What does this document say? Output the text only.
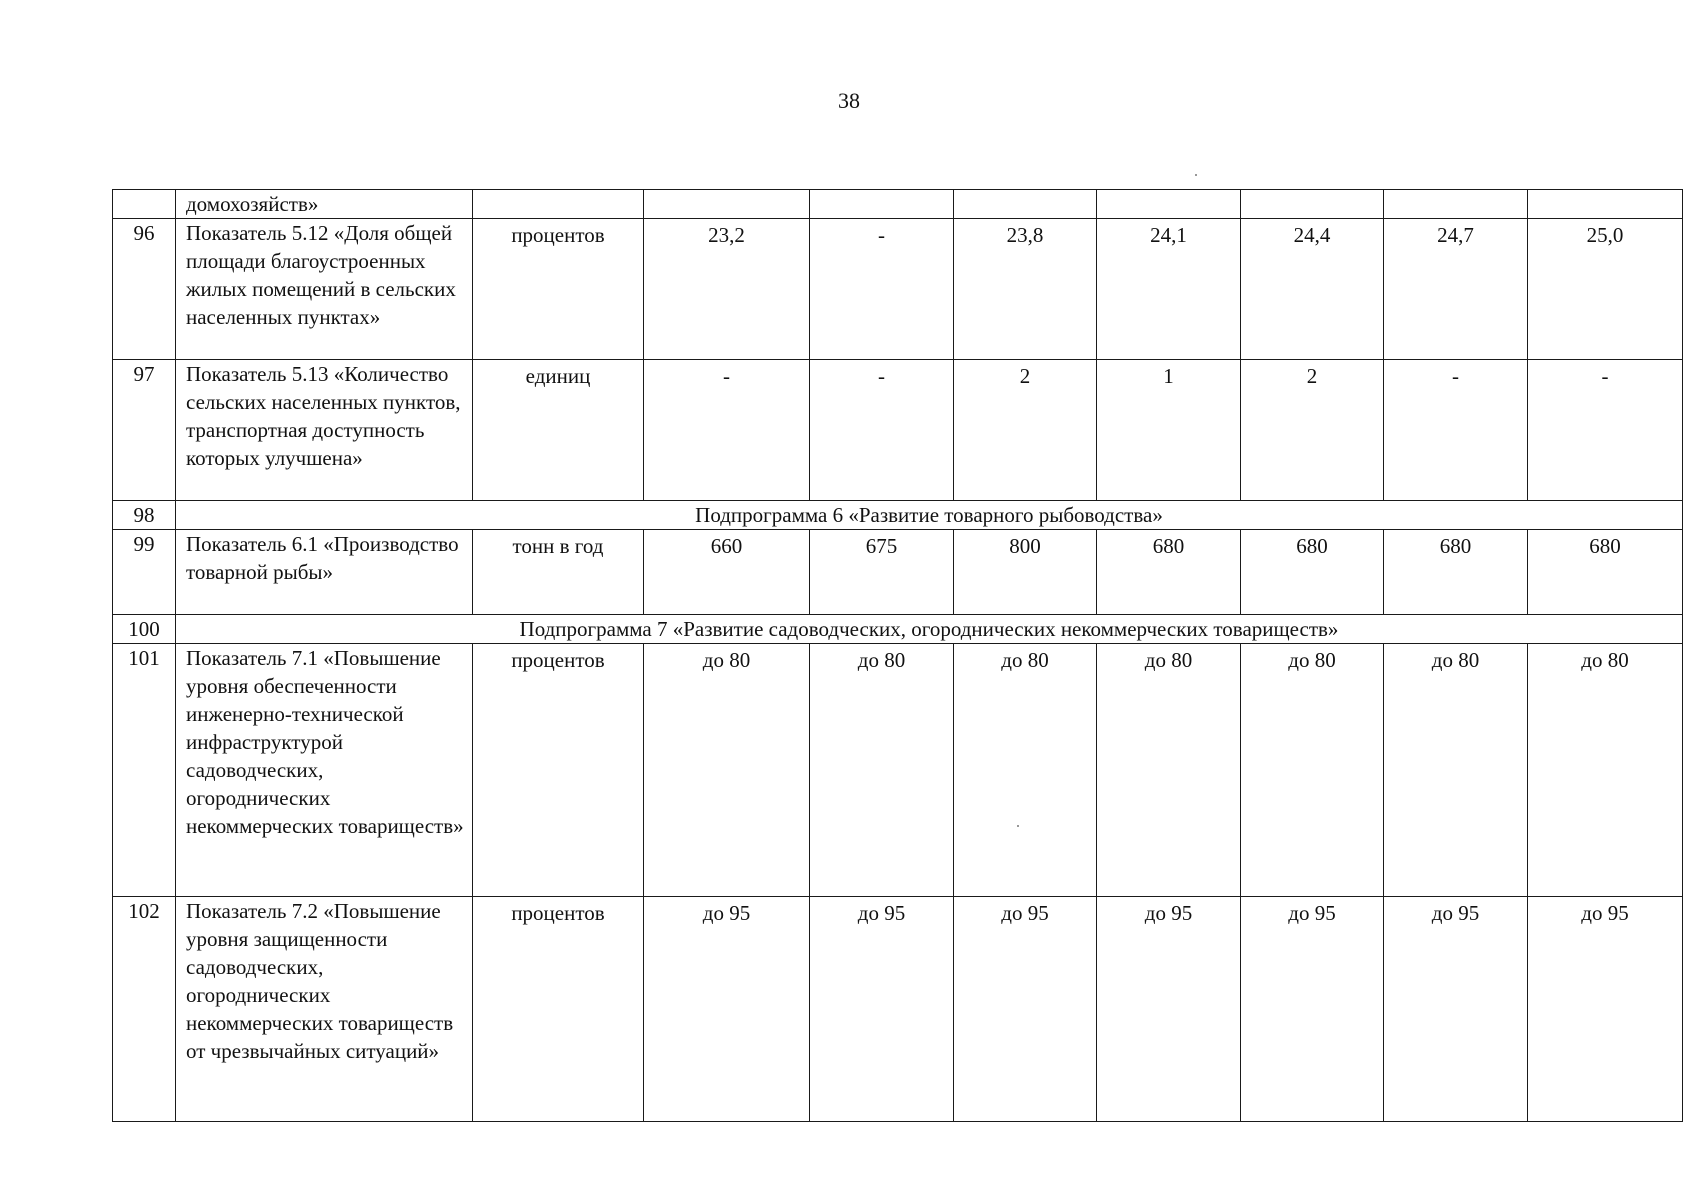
38
	домохозяйств»								
96	Показатель 5.12 «Доля общей площади благоустроенных жилых помещений в сельских населенных пунктах»	процентов	23,2	-	23,8	24,1	24,4	24,7	25,0
97	Показатель 5.13 «Количество сельских населенных пунктов, транспортная доступность которых улучшена»	единиц	-	-	2	1	2	-	-
98	Подпрограмма 6 «Развитие товарного рыбоводства»								
99	Показатель 6.1 «Производство товарной рыбы»	тонн в год	660	675	800	680	680	680	680
100	Подпрограмма 7 «Развитие садоводческих, огороднических некоммерческих товариществ»								
101	Показатель 7.1 «Повышение уровня обеспеченности инженерно-технической инфраструктурой садоводческих, огороднических некоммерческих товариществ»	процентов	до 80	до 80	до 80	до 80	до 80	до 80	до 80
102	Показатель 7.2 «Повышение уровня защищенности садоводческих, огороднических некоммерческих товариществ от чрезвычайных ситуаций»	процентов	до 95	до 95	до 95	до 95	до 95	до 95	до 95
